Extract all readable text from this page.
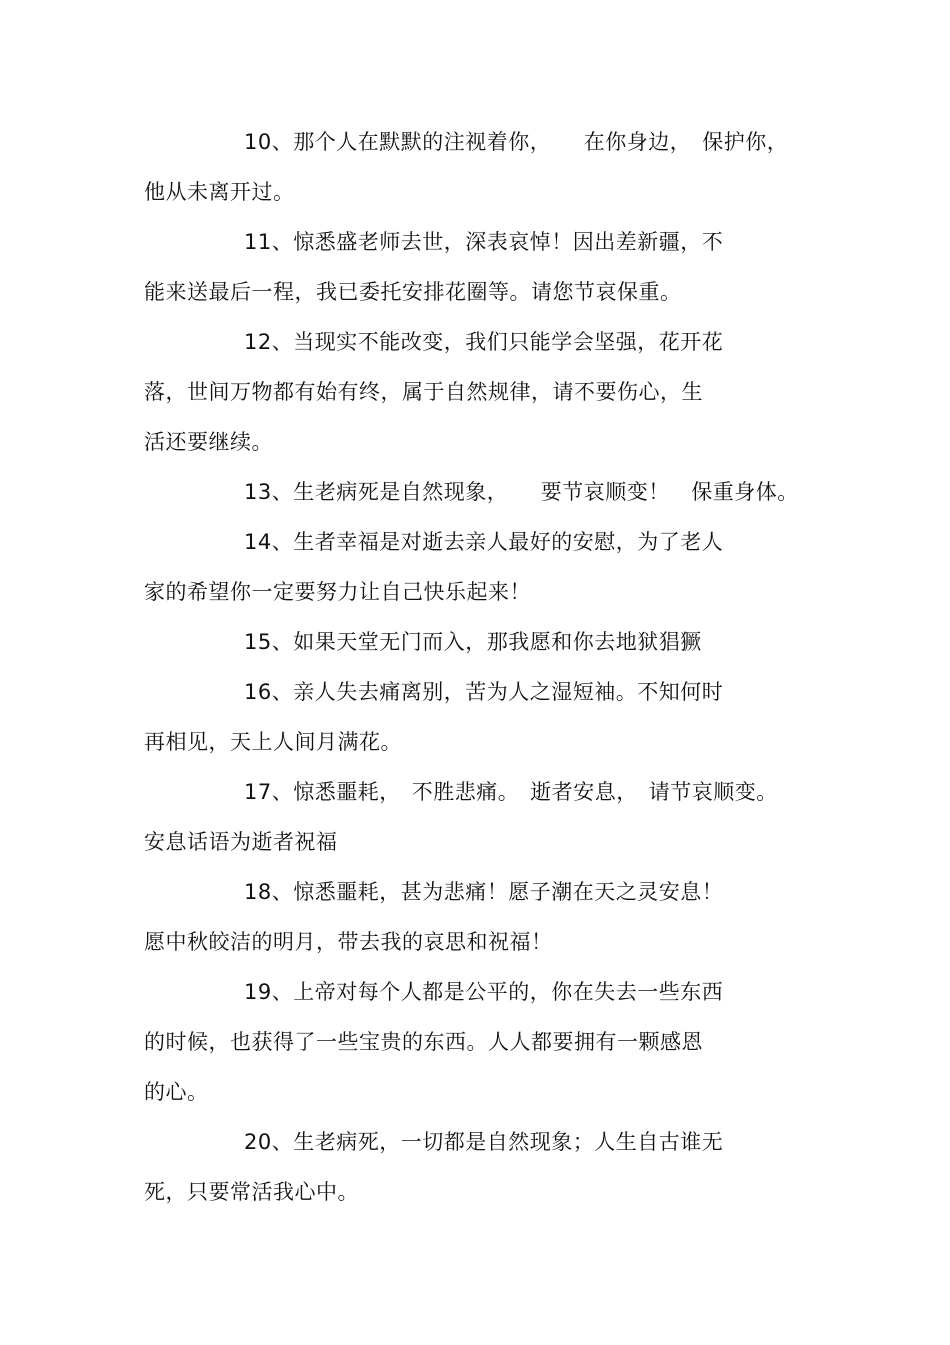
10、那个人在默默的注视着你，　　在你身边，　保护你，
他从未离开过。
11、惊悉盛老师去世，深表哀悼！因出差新疆，不
能来送最后一程，我已委托安排花圈等。请您节哀保重。
12、当现实不能改变，我们只能学会坚强，花开花
落，世间万物都有始有终，属于自然规律，请不要伤心，生
活还要继续。
13、生老病死是自然现象，　　要节哀顺变！　保重身体。
14、生者幸福是对逝去亲人最好的安慰，为了老人
家的希望你一定要努力让自己快乐起来！
15、如果天堂无门而入，那我愿和你去地狱猖獗
16、亲人失去痛离别，苦为人之湿短袖。不知何时
再相见，天上人间月满花。
17、惊悉噩耗，　不胜悲痛。　逝者安息，　请节哀顺变。
安息话语为逝者祝福
18、惊悉噩耗，甚为悲痛！愿子潮在天之灵安息！
愿中秋皎洁的明月，带去我的哀思和祝福！
19、上帝对每个人都是公平的，你在失去一些东西
的时候，也获得了一些宝贵的东西。人人都要拥有一颗感恩
的心。
20、生老病死，一切都是自然现象；人生自古谁无
死，只要常活我心中。
